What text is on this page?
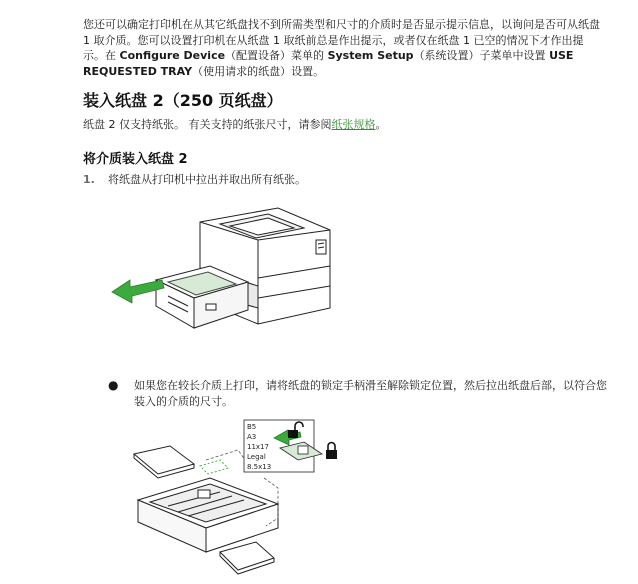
您还可以确定打印机在从其它纸盘找不到所需类型和尺寸的介质时是否显示提示信息，以询问是否可从纸盘 1 取介质。您可以设置打印机在从纸盘 1 取纸前总是作出提示，或者仅在纸盘 1 已空的情况下才作出提示。在 Configure Device（配置设备）菜单的 System Setup（系统设置）子菜单中设置 USE REQUESTED TRAY（使用请求的纸盘）设置。
装入纸盘 2（250 页纸盘）
纸盘 2 仅支持纸张。 有关支持的纸张尺寸，请参阅纸张规格。
将介质装入纸盘 2
1. 将纸盘从打印机中拉出并取出所有纸张。
● 如果您在较长介质上打印，请将纸盘的锁定手柄滑至解除锁定位置，然后拉出纸盘后部，以符合您装入的介质的尺寸。
B5
A3
11x17
Legal
8.5x13
